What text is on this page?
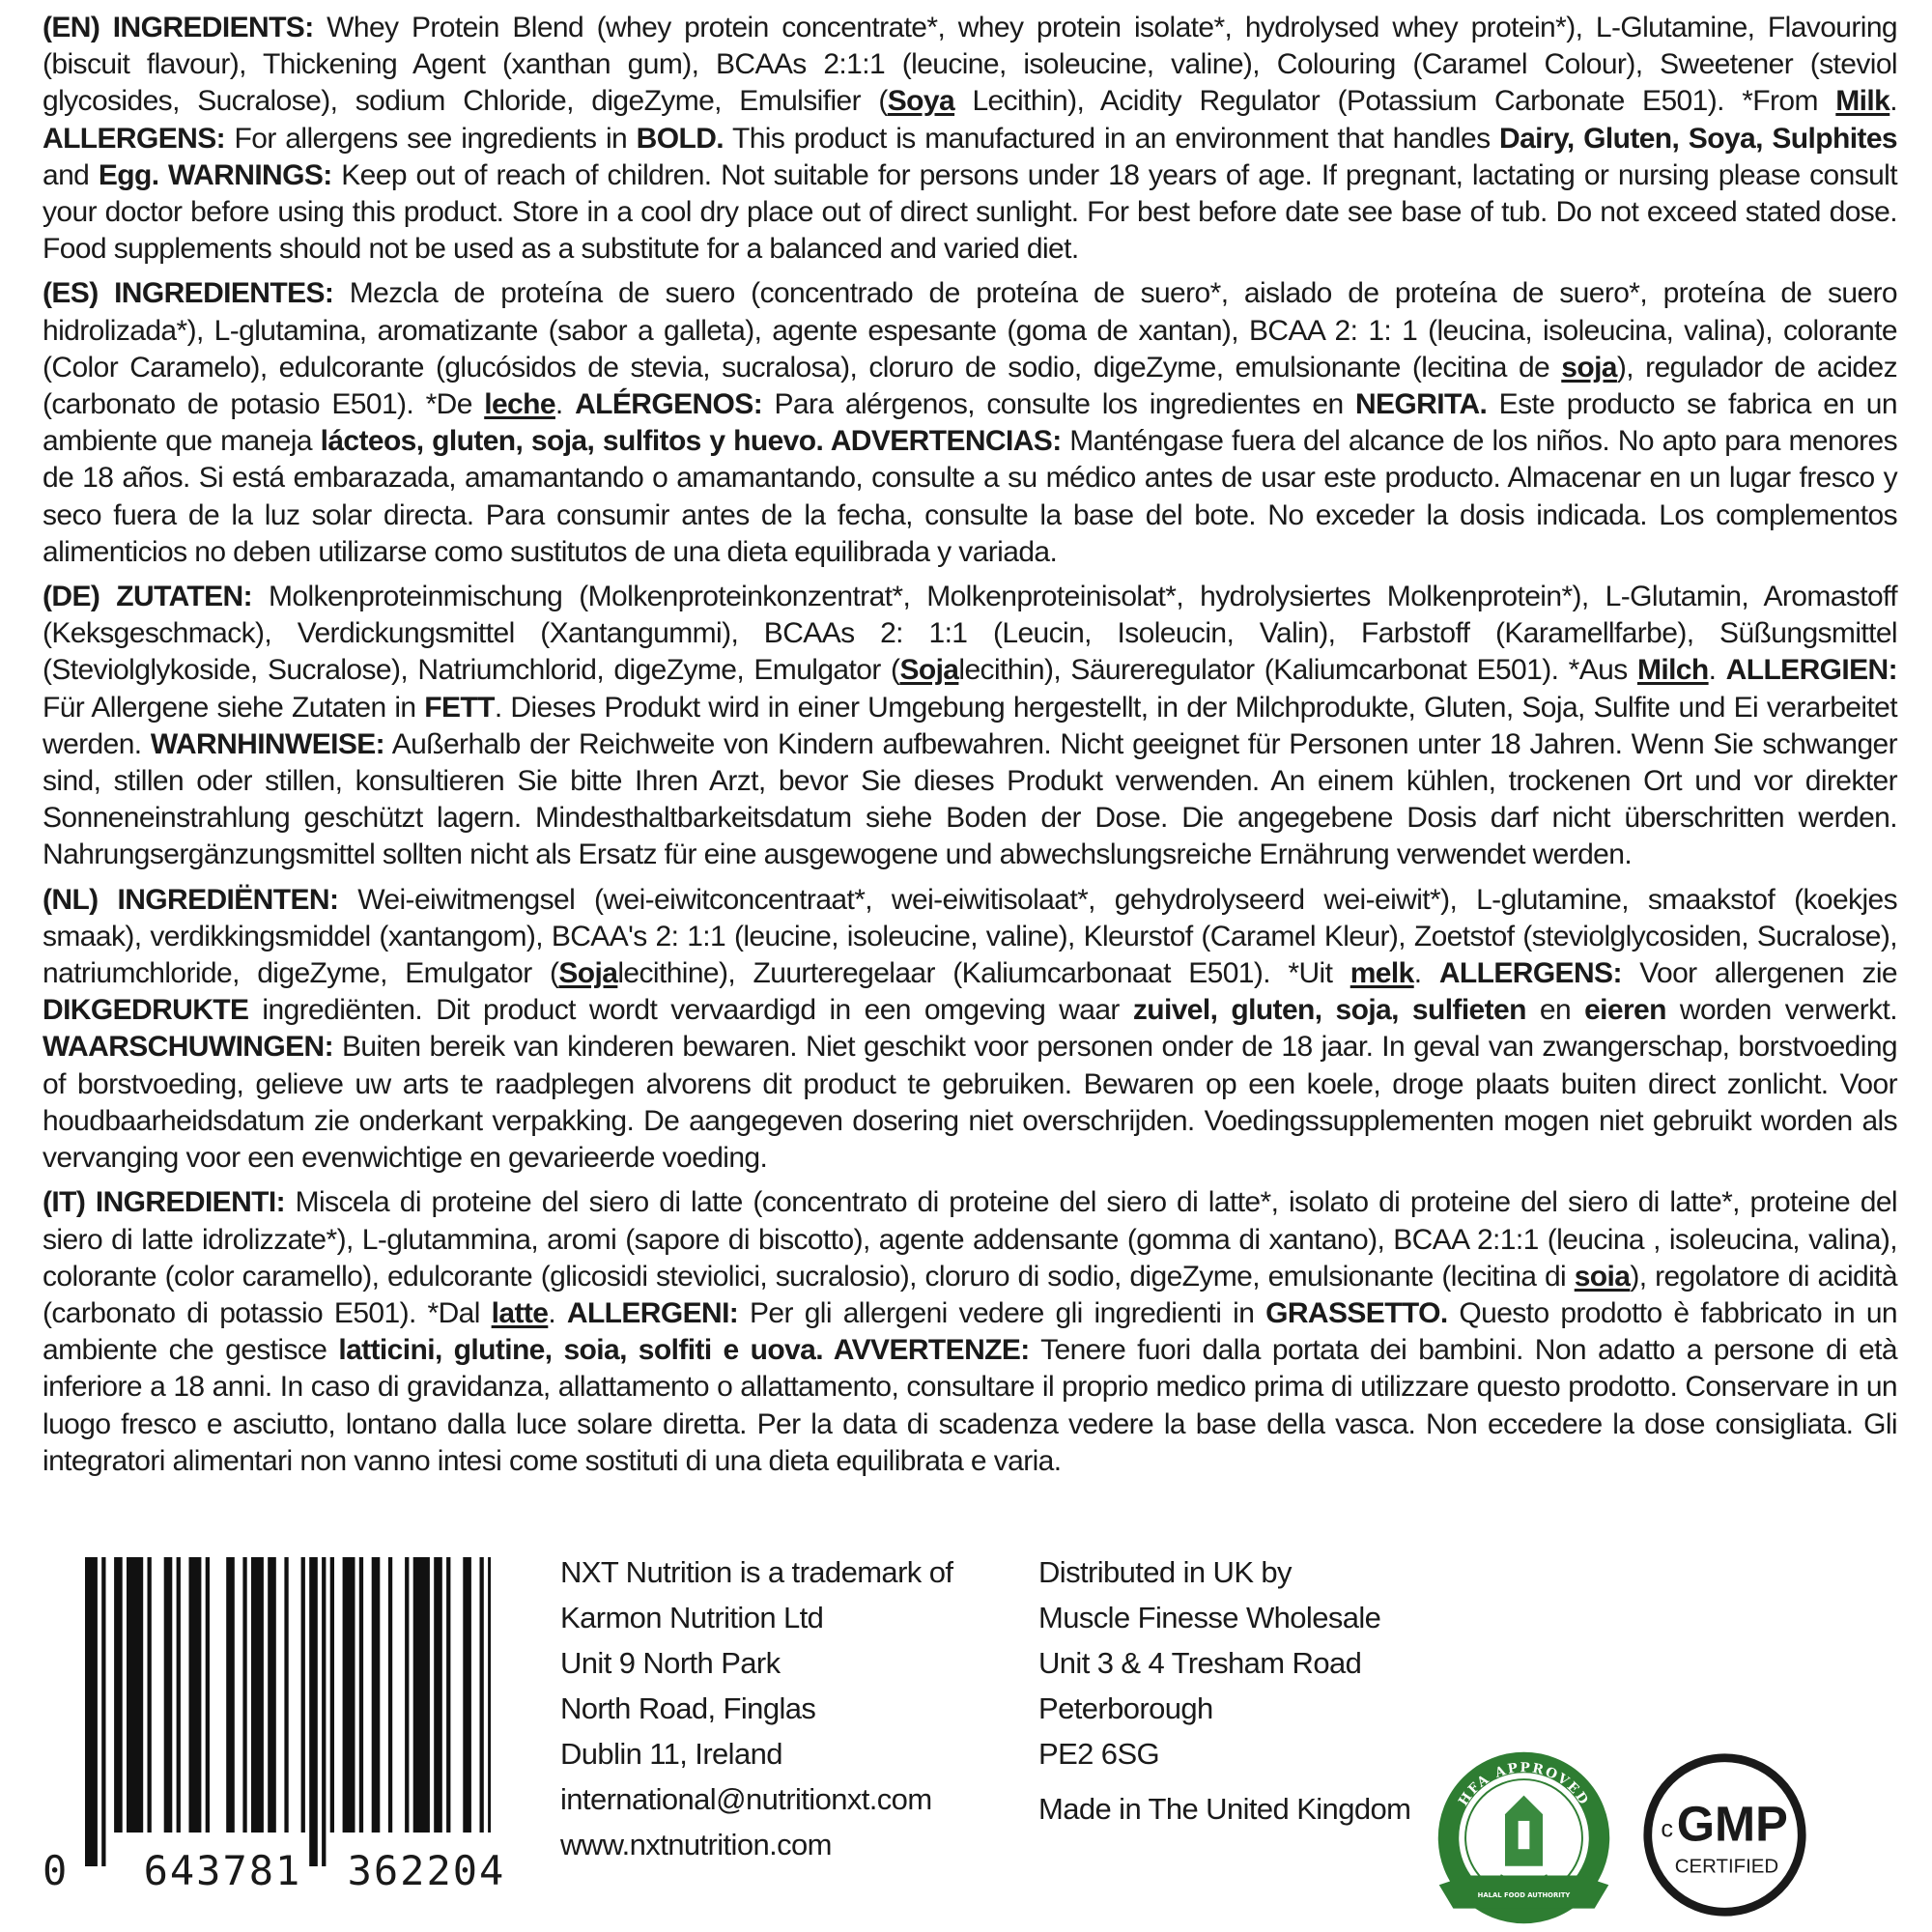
(EN) INGREDIENTS: Whey Protein Blend (whey protein concentrate*, whey protein isolate*, hydrolysed whey protein*), L-Glutamine, Flavouring (biscuit flavour), Thickening Agent (xanthan gum), BCAAs 2:1:1 (leucine, isoleucine, valine), Colouring (Caramel Colour), Sweetener (steviol glycosides, Sucralose), sodium Chloride, digeZyme, Emulsifier (Soya Lecithin), Acidity Regulator (Potassium Carbonate E501). *From Milk. ALLERGENS: For allergens see ingredients in BOLD. This product is manufactured in an environment that handles Dairy, Gluten, Soya, Sulphites and Egg. WARNINGS: Keep out of reach of children. Not suitable for persons under 18 years of age. If pregnant, lactating or nursing please consult your doctor before using this product. Store in a cool dry place out of direct sunlight. For best before date see base of tub. Do not exceed stated dose. Food supplements should not be used as a substitute for a balanced and varied diet.

(ES) INGREDIENTES: Mezcla de proteína de suero (concentrado de proteína de suero*, aislado de proteína de suero*, proteína de suero hidrolizada*), L-glutamina, aromatizante (sabor a galleta), agente espesante (goma de xantan), BCAA 2: 1: 1 (leucina, isoleucina, valina), colorante (Color Caramelo), edulcorante (glucósidos de stevia, sucralosa), cloruro de sodio, digeZyme, emulsionante (lecitina de soja), regulador de acidez (carbonato de potasio E501). *De leche. ALÉRGENOS: Para alérgenos, consulte los ingredientes en NEGRITA. Este producto se fabrica en un ambiente que maneja lácteos, gluten, soja, sulfitos y huevo. ADVERTENCIAS: Manténgase fuera del alcance de los niños. No apto para menores de 18 años. Si está embarazada, amamantando o amamantando, consulte a su médico antes de usar este producto. Almacenar en un lugar fresco y seco fuera de la luz solar directa. Para consumir antes de la fecha, consulte la base del bote. No exceder la dosis indicada. Los complementos alimenticios no deben utilizarse como sustitutos de una dieta equilibrada y variada.

(DE) ZUTATEN: Molkenproteinmischung (Molkenproteinkonzentrat*, Molkenproteinisolat*, hydrolysiertes Molkenprotein*), L-Glutamin, Aromastoff (Keksgeschmack), Verdickungsmittel (Xantangummi), BCAAs 2: 1:1 (Leucin, Isoleucin, Valin), Farbstoff (Karamellfarbe), Süßungsmittel (Steviolglykoside, Sucralose), Natriumchlorid, digeZyme, Emulgator (Sojalecithin), Säureregulator (Kaliumcarbonat E501). *Aus Milch. ALLERGIEN: Für Allergene siehe Zutaten in FETT. Dieses Produkt wird in einer Umgebung hergestellt, in der Milchprodukte, Gluten, Soja, Sulfite und Ei verarbeitet werden. WARNHINWEISE: Außerhalb der Reichweite von Kindern aufbewahren. Nicht geeignet für Personen unter 18 Jahren. Wenn Sie schwanger sind, stillen oder stillen, konsultieren Sie bitte Ihren Arzt, bevor Sie dieses Produkt verwenden. An einem kühlen, trockenen Ort und vor direkter Sonneneinstrahlung geschützt lagern. Mindesthaltbarkeitsdatum siehe Boden der Dose. Die angegebene Dosis darf nicht überschritten werden. Nahrungsergänzungsmittel sollten nicht als Ersatz für eine ausgewogene und abwechslungsreiche Ernährung verwendet werden.

(NL) INGREDIËNTEN: Wei-eiwitmengsel (wei-eiwitconcentraat*, wei-eiwitisolaat*, gehydrolyseerd wei-eiwit*), L-glutamine, smaakstof (koekjes smaak), verdikkingsmiddel (xantangom), BCAA's 2: 1:1 (leucine, isoleucine, valine), Kleurstof (Caramel Kleur), Zoetstof (steviolglycosiden, Sucralose), natriumchloride, digeZyme, Emulgator (Sojalecithine), Zuurteregelaar (Kaliumcarbonaat E501). *Uit melk. ALLERGENS: Voor allergenen zie DIKGEDRUKTE ingrediënten. Dit product wordt vervaardigd in een omgeving waar zuivel, gluten, soja, sulfieten en eieren worden verwerkt. WAARSCHUWINGEN: Buiten bereik van kinderen bewaren. Niet geschikt voor personen onder de 18 jaar. In geval van zwangerschap, borstvoeding of borstvoeding, gelieve uw arts te raadplegen alvorens dit product te gebruiken. Bewaren op een koele, droge plaats buiten direct zonlicht. Voor houdbaarheidsdatum zie onderkant verpakking. De aangegeven dosering niet overschrijden. Voedingssupplementen mogen niet gebruikt worden als vervanging voor een evenwichtige en gevarieerde voeding.

(IT) INGREDIENTI: Miscela di proteine del siero di latte (concentrato di proteine del siero di latte*, isolato di proteine del siero di latte*, proteine del siero di latte idrolizzate*), L-glutammina, aromi (sapore di biscotto), agente addensante (gomma di xantano), BCAA 2:1:1 (leucina , isoleucina, valina), colorante (color caramello), edulcorante (glicosidi steviolici, sucralosio), cloruro di sodio, digeZyme, emulsionante (lecitina di soia), regolatore di acidità (carbonato di potassio E501). *Dal latte. ALLERGENI: Per gli allergeni vedere gli ingredienti in GRASSETTO. Questo prodotto è fabbricato in un ambiente che gestisce latticini, glutine, soia, solfiti e uova. AVVERTENZE: Tenere fuori dalla portata dei bambini. Non adatto a persone di età inferiore a 18 anni. In caso di gravidanza, allattamento o allattamento, consultare il proprio medico prima di utilizzare questo prodotto. Conservare in un luogo fresco e asciutto, lontano dalla luce solare diretta. Per la data di scadenza vedere la base della vasca. Non eccedere la dose consigliata. Gli integratori alimentari non vanno intesi come sostituti di una dieta equilibrata e varia.

0 643781 362204
NXT Nutrition is a trademark of
Karmon Nutrition Ltd
Unit 9 North Park
North Road, Finglas
Dublin 11, Ireland
international@nutritionxt.com
www.nxtnutrition.com
Distributed in UK by
Muscle Finesse Wholesale
Unit 3 & 4 Tresham Road
Peterborough
PE2 6SG
Made in The United Kingdom	HFA APPROVED
HALAL FOOD AUTHORITY
c GMP
CERTIFIED
